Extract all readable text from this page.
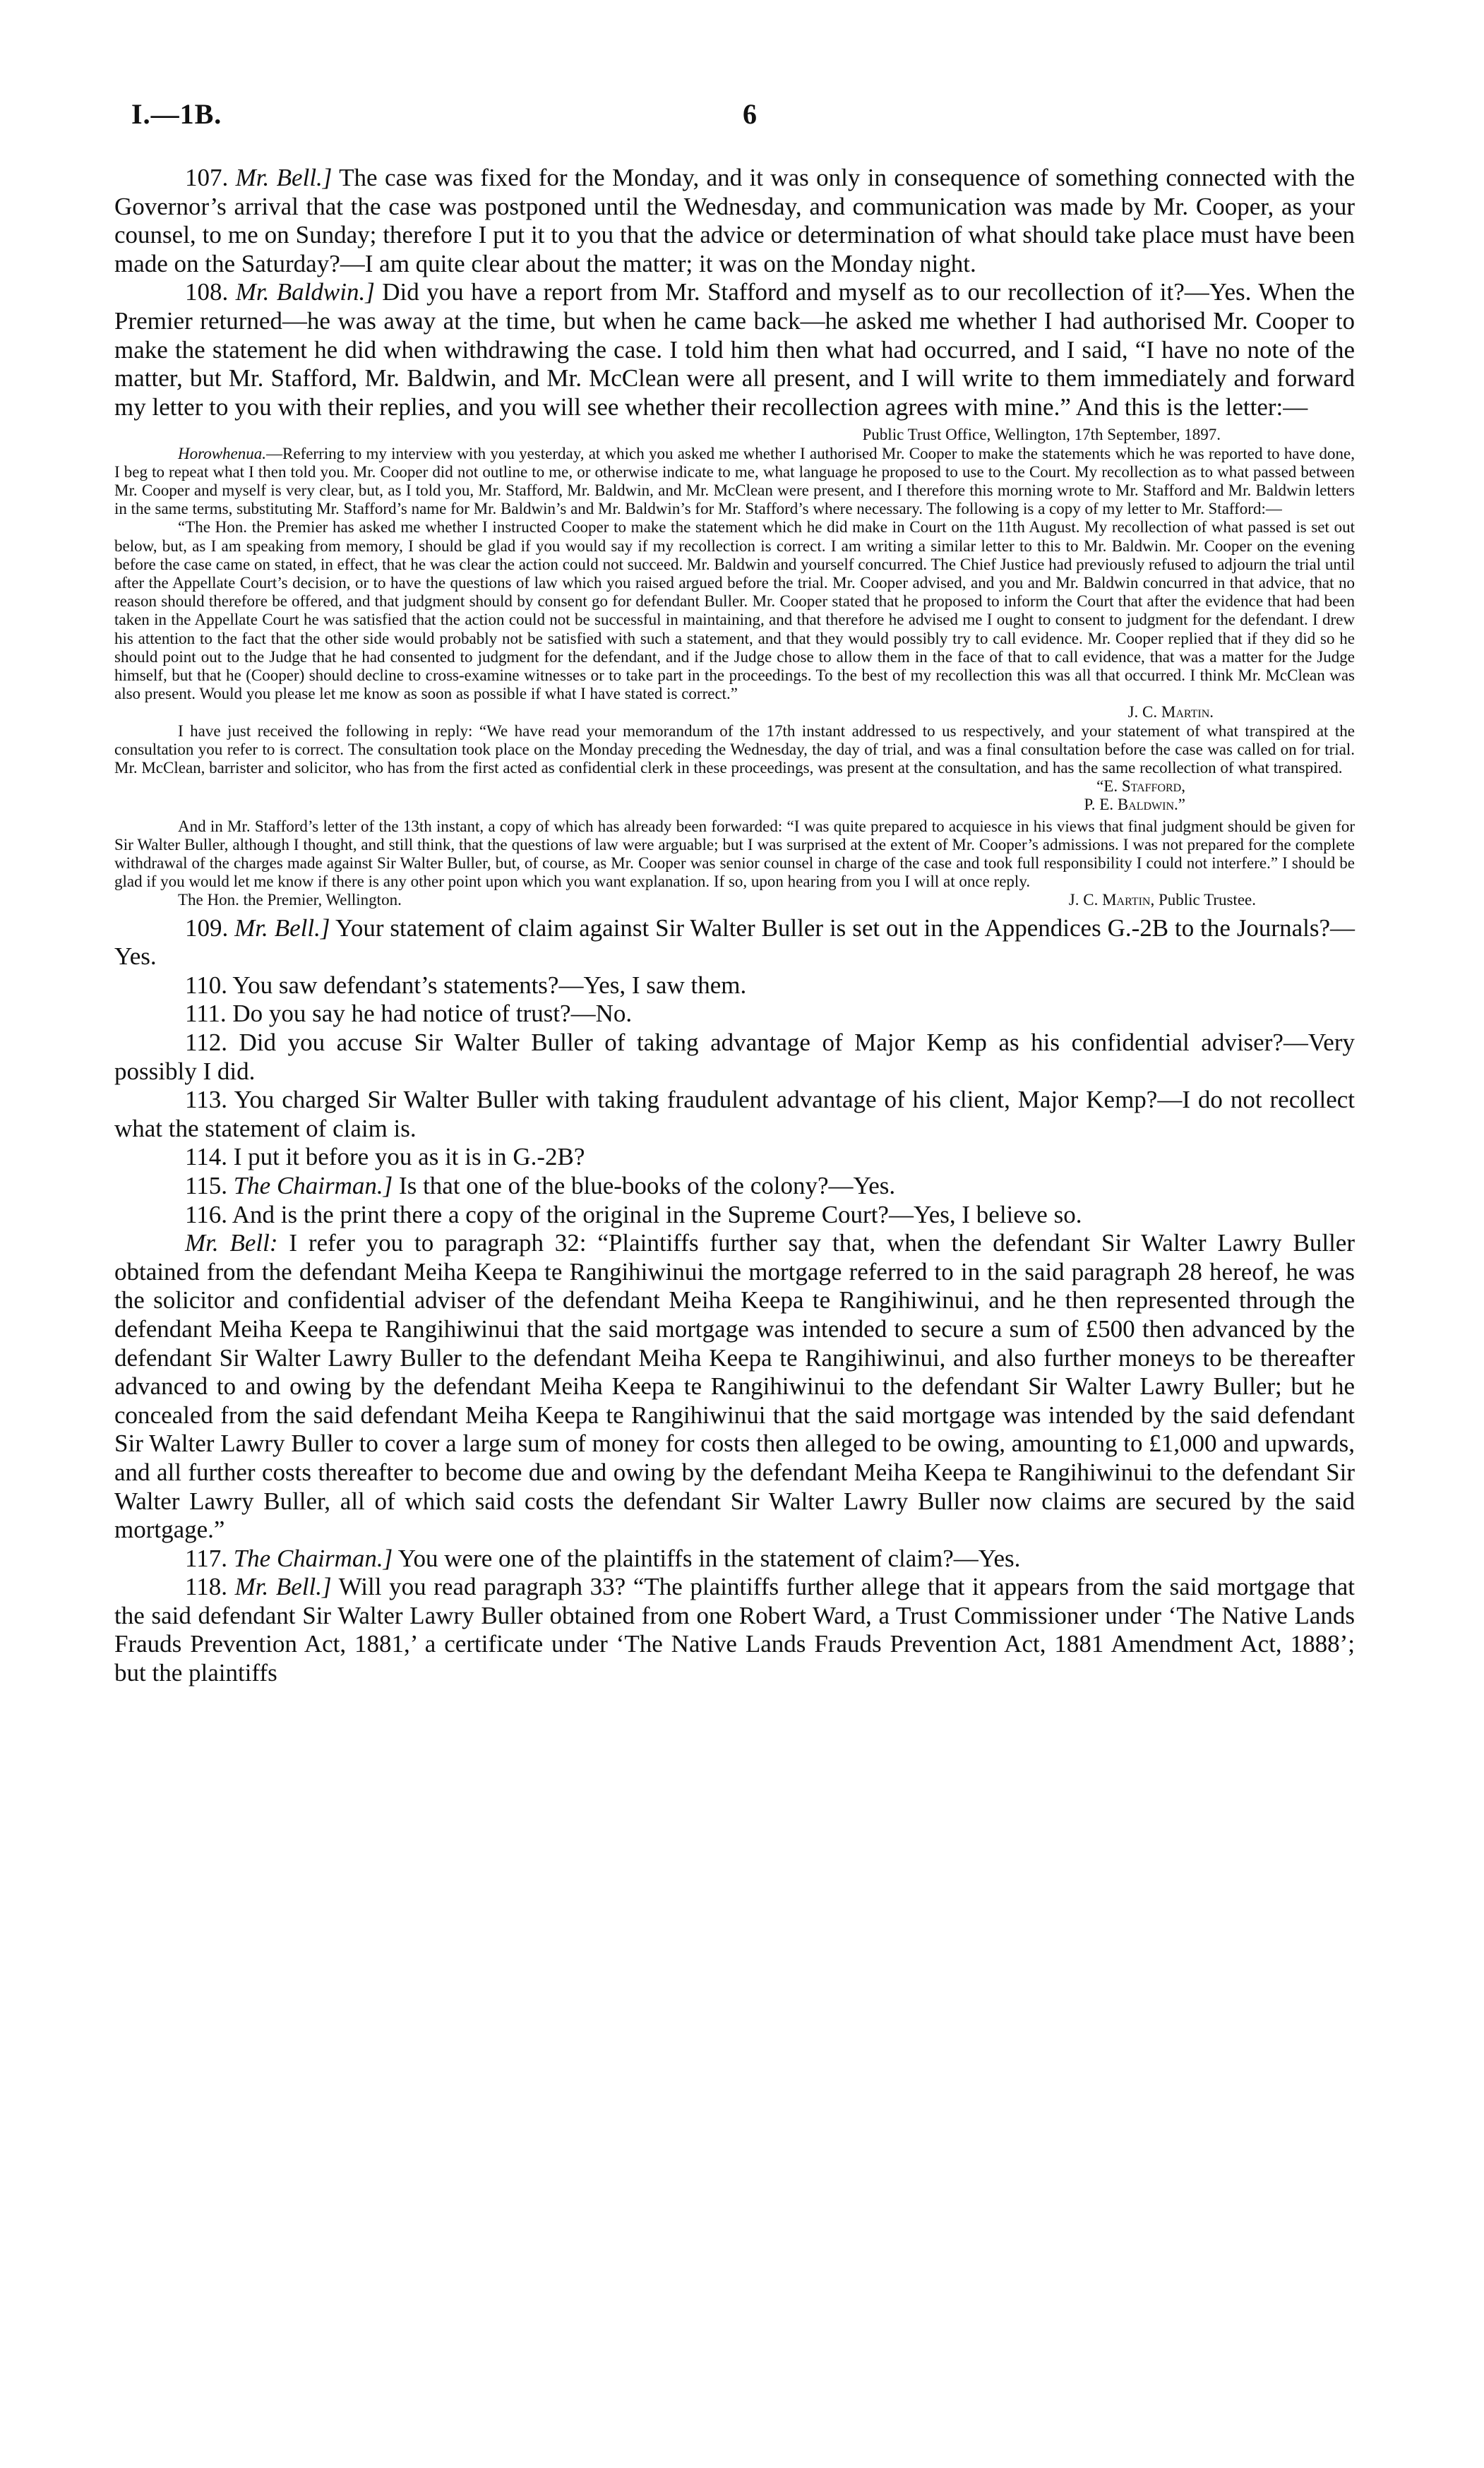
I.—1B.	6

107. Mr. Bell.] The case was fixed for the Monday, and it was only in consequence of something connected with the Governor’s arrival that the case was postponed until the Wednesday, and communication was made by Mr. Cooper, as your counsel, to me on Sunday; therefore I put it to you that the advice or determination of what should take place must have been made on the Saturday?—I am quite clear about the matter; it was on the Monday night.

108. Mr. Baldwin.] Did you have a report from Mr. Stafford and myself as to our recollection of it?—Yes. When the Premier returned—he was away at the time, but when he came back—he asked me whether I had authorised Mr. Cooper to make the statement he did when withdrawing the case. I told him then what had occurred, and I said, “I have no note of the matter, but Mr. Stafford, Mr. Baldwin, and Mr. McClean were all present, and I will write to them immediately and forward my letter to you with their replies, and you will see whether their recollection agrees with mine.” And this is the letter:—

Public Trust Office, Wellington, 17th September, 1897.

Horowhenua.—Referring to my interview with you yesterday, at which you asked me whether I authorised Mr. Cooper to make the statements which he was reported to have done, I beg to repeat what I then told you. Mr. Cooper did not outline to me, or otherwise indicate to me, what language he proposed to use to the Court. My recollection as to what passed between Mr. Cooper and myself is very clear, but, as I told you, Mr. Stafford, Mr. Baldwin, and Mr. McClean were present, and I therefore this morning wrote to Mr. Stafford and Mr. Baldwin letters in the same terms, substituting Mr. Stafford’s name for Mr. Baldwin’s and Mr. Baldwin’s for Mr. Stafford’s where necessary. The following is a copy of my letter to Mr. Stafford:—

“The Hon. the Premier has asked me whether I instructed Cooper to make the statement which he did make in Court on the 11th August. My recollection of what passed is set out below, but, as I am speaking from memory, I should be glad if you would say if my recollection is correct. I am writing a similar letter to this to Mr. Baldwin. Mr. Cooper on the evening before the case came on stated, in effect, that he was clear the action could not succeed. Mr. Baldwin and yourself concurred. The Chief Justice had previously refused to adjourn the trial until after the Appellate Court’s decision, or to have the questions of law which you raised argued before the trial. Mr. Cooper advised, and you and Mr. Baldwin concurred in that advice, that no reason should therefore be offered, and that judgment should by consent go for defendant Buller. Mr. Cooper stated that he proposed to inform the Court that after the evidence that had been taken in the Appellate Court he was satisfied that the action could not be successful in maintaining, and that therefore he advised me I ought to consent to judgment for the defendant. I drew his attention to the fact that the other side would probably not be satisfied with such a statement, and that they would possibly try to call evidence. Mr. Cooper replied that if they did so he should point out to the Judge that he had consented to judgment for the defendant, and if the Judge chose to allow them in the face of that to call evidence, that was a matter for the Judge himself, but that he (Cooper) should decline to cross-examine witnesses or to take part in the proceedings. To the best of my recollection this was all that occurred. I think Mr. McClean was also present. Would you please let me know as soon as possible if what I have stated is correct.”

J. C. Martin.

I have just received the following in reply: “We have read your memorandum of the 17th instant addressed to us respectively, and your statement of what transpired at the consultation you refer to is correct. The consultation took place on the Monday preceding the Wednesday, the day of trial, and was a final consultation before the case was called on for trial. Mr. McClean, barrister and solicitor, who has from the first acted as confidential clerk in these proceedings, was present at the consultation, and has the same recollection of what transpired.

“E. Stafford,

P. E. Baldwin.”

And in Mr. Stafford’s letter of the 13th instant, a copy of which has already been forwarded: “I was quite prepared to acquiesce in his views that final judgment should be given for Sir Walter Buller, although I thought, and still think, that the questions of law were arguable; but I was surprised at the extent of Mr. Cooper’s admissions. I was not prepared for the complete withdrawal of the charges made against Sir Walter Buller, but, of course, as Mr. Cooper was senior counsel in charge of the case and took full responsibility I could not interfere.” I should be glad if you would let me know if there is any other point upon which you want explanation. If so, upon hearing from you I will at once reply.

The Hon. the Premier, Wellington.	J. C. Martin, Public Trustee.

109. Mr. Bell.] Your statement of claim against Sir Walter Buller is set out in the Appendices G.-2B to the Journals?—Yes.

110. You saw defendant’s statements?—Yes, I saw them.

111. Do you say he had notice of trust?—No.

112. Did you accuse Sir Walter Buller of taking advantage of Major Kemp as his confidential adviser?—Very possibly I did.

113. You charged Sir Walter Buller with taking fraudulent advantage of his client, Major Kemp?—I do not recollect what the statement of claim is.

114. I put it before you as it is in G.-2B?

115. The Chairman.] Is that one of the blue-books of the colony?—Yes.

116. And is the print there a copy of the original in the Supreme Court?—Yes, I believe so.

Mr. Bell: I refer you to paragraph 32: “Plaintiffs further say that, when the defendant Sir Walter Lawry Buller obtained from the defendant Meiha Keepa te Rangihiwinui the mortgage referred to in the said paragraph 28 hereof, he was the solicitor and confidential adviser of the defendant Meiha Keepa te Rangihiwinui, and he then represented through the defendant Meiha Keepa te Rangihiwinui that the said mortgage was intended to secure a sum of £500 then advanced by the defendant Sir Walter Lawry Buller to the defendant Meiha Keepa te Rangihiwinui, and also further moneys to be thereafter advanced to and owing by the defendant Meiha Keepa te Rangihiwinui to the defendant Sir Walter Lawry Buller; but he concealed from the said defendant Meiha Keepa te Rangihiwinui that the said mortgage was intended by the said defendant Sir Walter Lawry Buller to cover a large sum of money for costs then alleged to be owing, amounting to £1,000 and upwards, and all further costs thereafter to become due and owing by the defendant Meiha Keepa te Rangihiwinui to the defendant Sir Walter Lawry Buller, all of which said costs the defendant Sir Walter Lawry Buller now claims are secured by the said mortgage.”

117. The Chairman.] You were one of the plaintiffs in the statement of claim?—Yes.

118. Mr. Bell.] Will you read paragraph 33? “The plaintiffs further allege that it appears from the said mortgage that the said defendant Sir Walter Lawry Buller obtained from one Robert Ward, a Trust Commissioner under ‘The Native Lands Frauds Prevention Act, 1881,’ a certificate under ‘The Native Lands Frauds Prevention Act, 1881 Amendment Act, 1888’; but the plaintiffs
